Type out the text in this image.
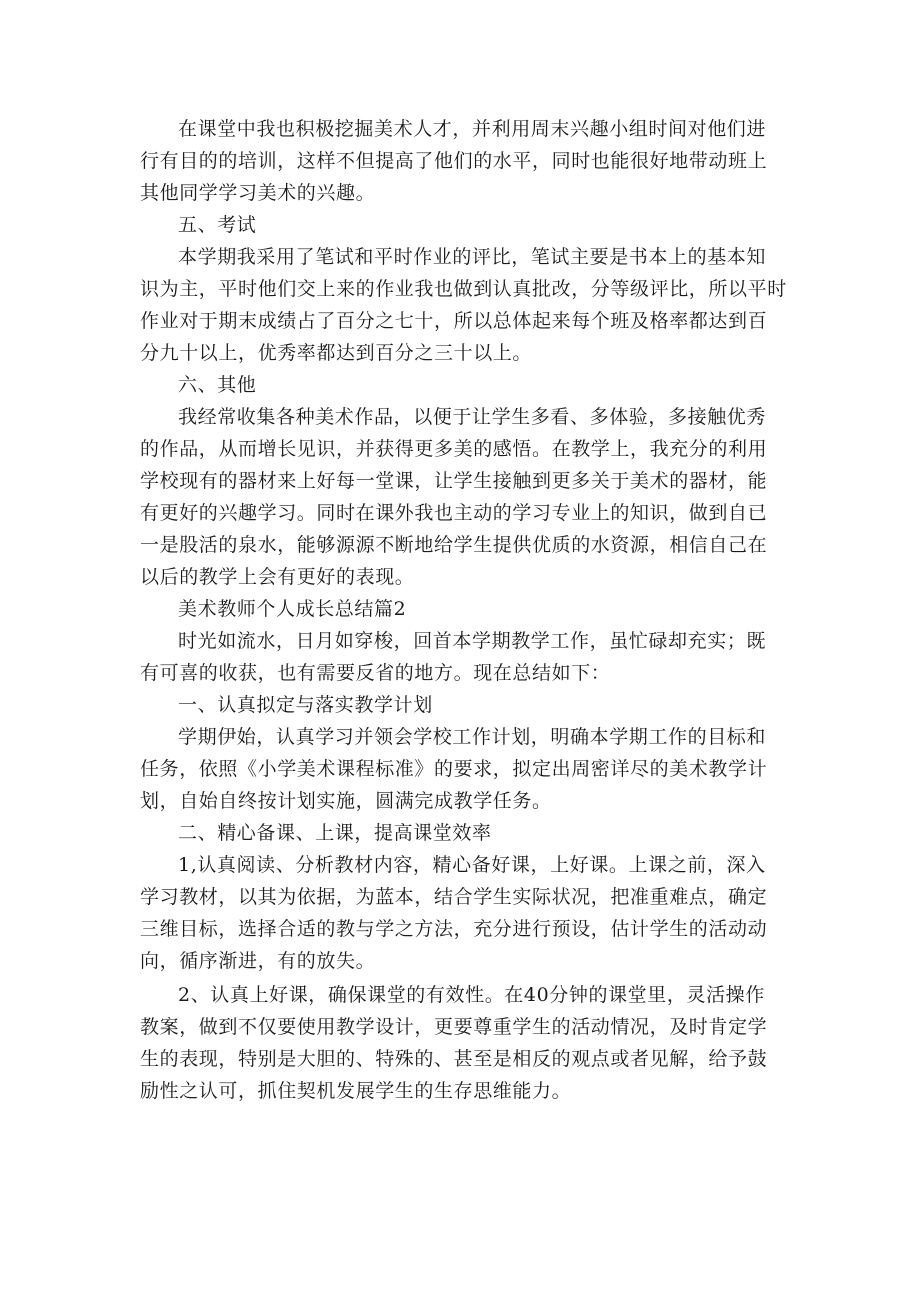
在课堂中我也积极挖掘美术人才，并利用周末兴趣小组时间对他们进
行有目的的培训，这样不但提高了他们的水平，同时也能很好地带动班上
其他同学学习美术的兴趣。
五、考试
本学期我采用了笔试和平时作业的评比，笔试主要是书本上的基本知
识为主，平时他们交上来的作业我也做到认真批改，分等级评比，所以平时
作业对于期末成绩占了百分之七十，所以总体起来每个班及格率都达到百
分九十以上，优秀率都达到百分之三十以上。
六、其他
我经常收集各种美术作品，以便于让学生多看、多体验，多接触优秀
的作品，从而增长见识，并获得更多美的感悟。在教学上，我充分的利用
学校现有的器材来上好每一堂课，让学生接触到更多关于美术的器材，能
有更好的兴趣学习。同时在课外我也主动的学习专业上的知识，做到自已
一是股活的泉水，能够源源不断地给学生提供优质的水资源，相信自己在
以后的教学上会有更好的表现。
美术教师个人成长总结篇2
时光如流水，日月如穿梭，回首本学期教学工作，虽忙碌却充实；既
有可喜的收获，也有需要反省的地方。现在总结如下：
一、认真拟定与落实教学计划
学期伊始，认真学习并领会学校工作计划，明确本学期工作的目标和
任务，依照《小学美术课程标准》的要求，拟定出周密详尽的美术教学计
划，自始自终按计划实施，圆满完成教学任务。
二、精心备课、上课，提高课堂效率
1,认真阅读、分析教材内容，精心备好课，上好课。上课之前，深入
学习教材，以其为依据，为蓝本，结合学生实际状况，把准重难点，确定
三维目标，选择合适的教与学之方法，充分进行预设，估计学生的活动动
向，循序渐进，有的放失。
2、认真上好课，确保课堂的有效性。在40分钟的课堂里，灵活操作
教案，做到不仅要使用教学设计，更要尊重学生的活动情况，及时肯定学
生的表现，特别是大胆的、特殊的、甚至是相反的观点或者见解，给予鼓
励性之认可，抓住契机发展学生的生存思维能力。
